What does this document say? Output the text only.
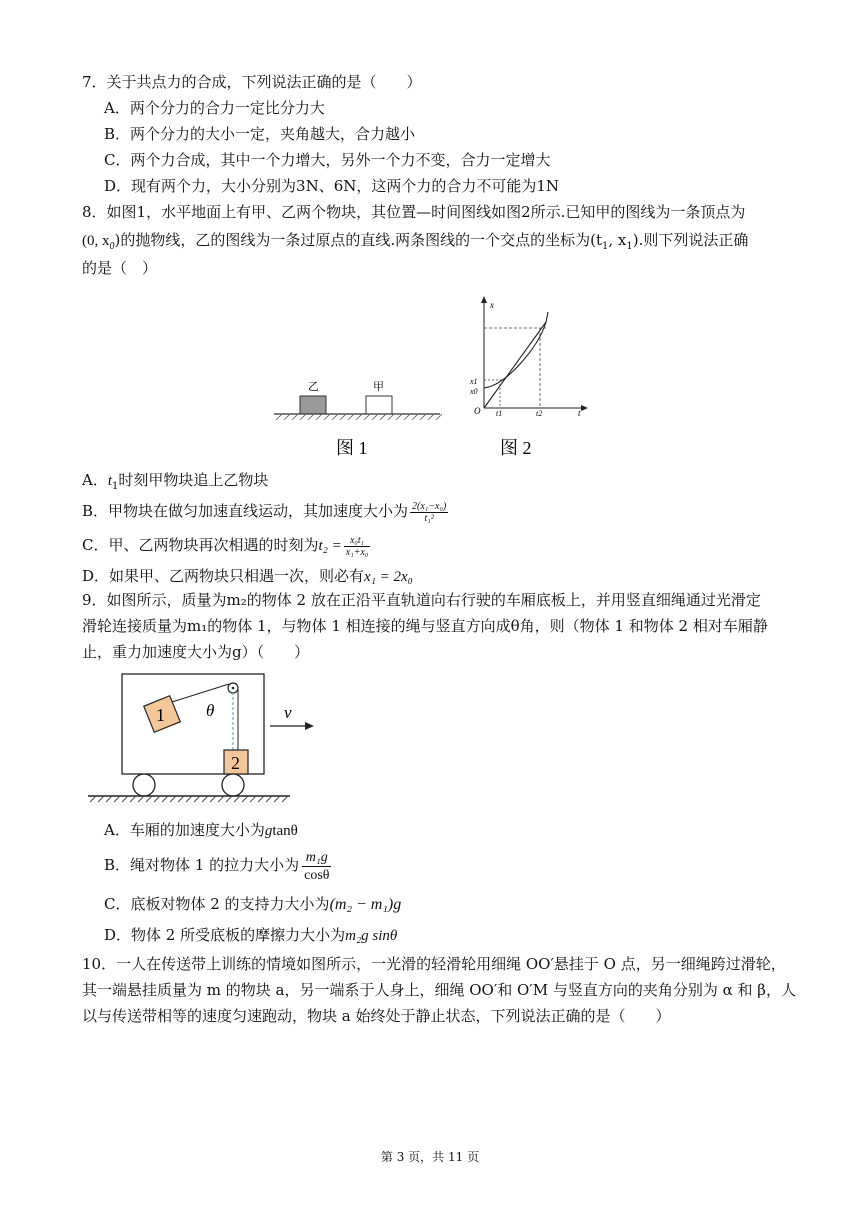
7．关于共点力的合成，下列说法正确的是（　　）
A．两个分力的合力一定比分力大
B．两个分力的大小一定，夹角越大，合力越小
C．两个力合成，其中一个力增大，另外一个力不变，合力一定增大
D．现有两个力，大小分别为3N、6N，这两个力的合力不可能为1N
8．如图1，水平地面上有甲、乙两个物块，其位置—时间图线如图2所示.已知甲的图线为一条顶点为
(0, $x_0$)的抛物线，乙的图线为一条过原点的直线.两条图线的一个交点的坐标为($t_1$, $x_1$).则下列说法正确
的是（　）
乙	甲
图 1
x
t
O
x1
x0
t1	t2
图 2
A．$t_1$时刻甲物块追上乙物块
B．甲物块在做匀加速直线运动，其加速度大小为 $\frac{\text{2(x₁−x₀)}}{\text{t₁²}}$
C．甲、乙两物块再次相遇的时刻为$t_2 = \frac{\text{x₀t₁}}{\text{x₁+x₀}}$
D．如果甲、乙两物块只相遇一次，则必有x₁ = 2x₀
9．如图所示，质量为m₂的物体 2 放在正沿平直轨道向右行驶的车厢底板上，并用竖直细绳通过光滑定
滑轮连接质量为m₁的物体 1，与物体 1 相连接的绳与竖直方向成θ角，则（物体 1 和物体 2 相对车厢静
止，重力加速度大小为g）（　　）
1
2
θ	v
A．车厢的加速度大小为gtanθ
B．绳对物体 1 的拉力大小为 $\frac{\text{m₁g}}{\cos\theta}$
C．底板对物体 2 的支持力大小为(m₂ − m₁)g
D．物体 2 所受底板的摩擦力大小为m₂g sinθ
10．一人在传送带上训练的情境如图所示，一光滑的轻滑轮用细绳 OO′悬挂于 O 点，另一细绳跨过滑轮，
其一端悬挂质量为 m 的物块 a，另一端系于人身上，细绳 OO′和 O′M 与竖直方向的夹角分别为 α 和 β，人
以与传送带相等的速度匀速跑动，物块 a 始终处于静止状态，下列说法正确的是（　　）
第 3 页，共 11 页
